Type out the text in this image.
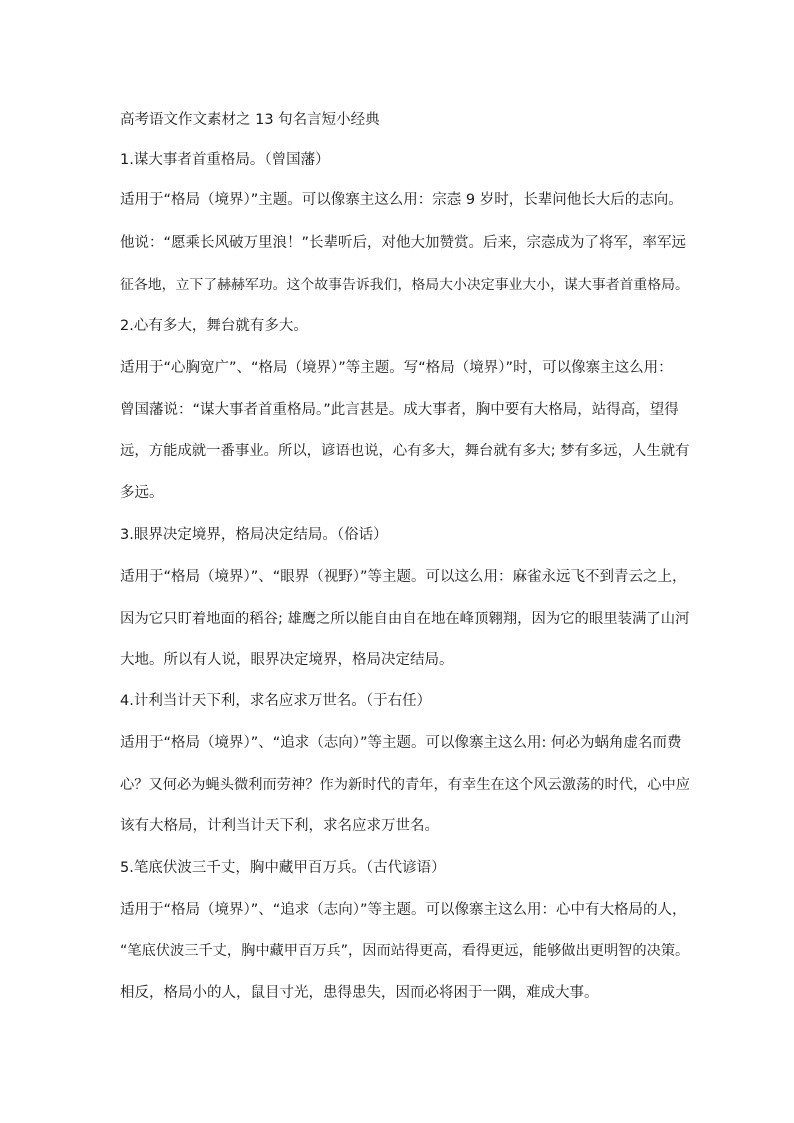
高考语文作文素材之 13 句名言短小经典
1.谋大事者首重格局。（曾国藩）
适用于“格局（境界）”主题。可以像寨主这么用：宗悫 9 岁时，长辈问他长大后的志向。
他说：“愿乘长风破万里浪！”长辈听后，对他大加赞赏。后来，宗悫成为了将军，率军远
征各地，立下了赫赫军功。这个故事告诉我们，格局大小决定事业大小，谋大事者首重格局。
2.心有多大，舞台就有多大。
适用于“心胸宽广”、“格局（境界）”等主题。写“格局（境界）”时，可以像寨主这么用：
曾国藩说：“谋大事者首重格局。”此言甚是。成大事者，胸中要有大格局，站得高，望得
远，方能成就一番事业。所以，谚语也说，心有多大，舞台就有多大; 梦有多远，人生就有
多远。
3.眼界决定境界，格局决定结局。（俗话）
适用于“格局（境界）”、“眼界（视野）”等主题。可以这么用：麻雀永远飞不到青云之上，
因为它只盯着地面的稻谷; 雄鹰之所以能自由自在地在峰顶翱翔，因为它的眼里装满了山河
大地。所以有人说，眼界决定境界，格局决定结局。
4.计利当计天下利，求名应求万世名。（于右任）
适用于“格局（境界）”、“追求（志向）”等主题。可以像寨主这么用: 何必为蜗角虚名而费
心？又何必为蝇头微利而劳神？作为新时代的青年，有幸生在这个风云激荡的时代，心中应
该有大格局，计利当计天下利，求名应求万世名。
5.笔底伏波三千丈，胸中藏甲百万兵。（古代谚语）
适用于“格局（境界）”、“追求（志向）”等主题。可以像寨主这么用：心中有大格局的人，
“笔底伏波三千丈，胸中藏甲百万兵”，因而站得更高，看得更远，能够做出更明智的决策。
相反，格局小的人，鼠目寸光，患得患失，因而必将困于一隅，难成大事。
